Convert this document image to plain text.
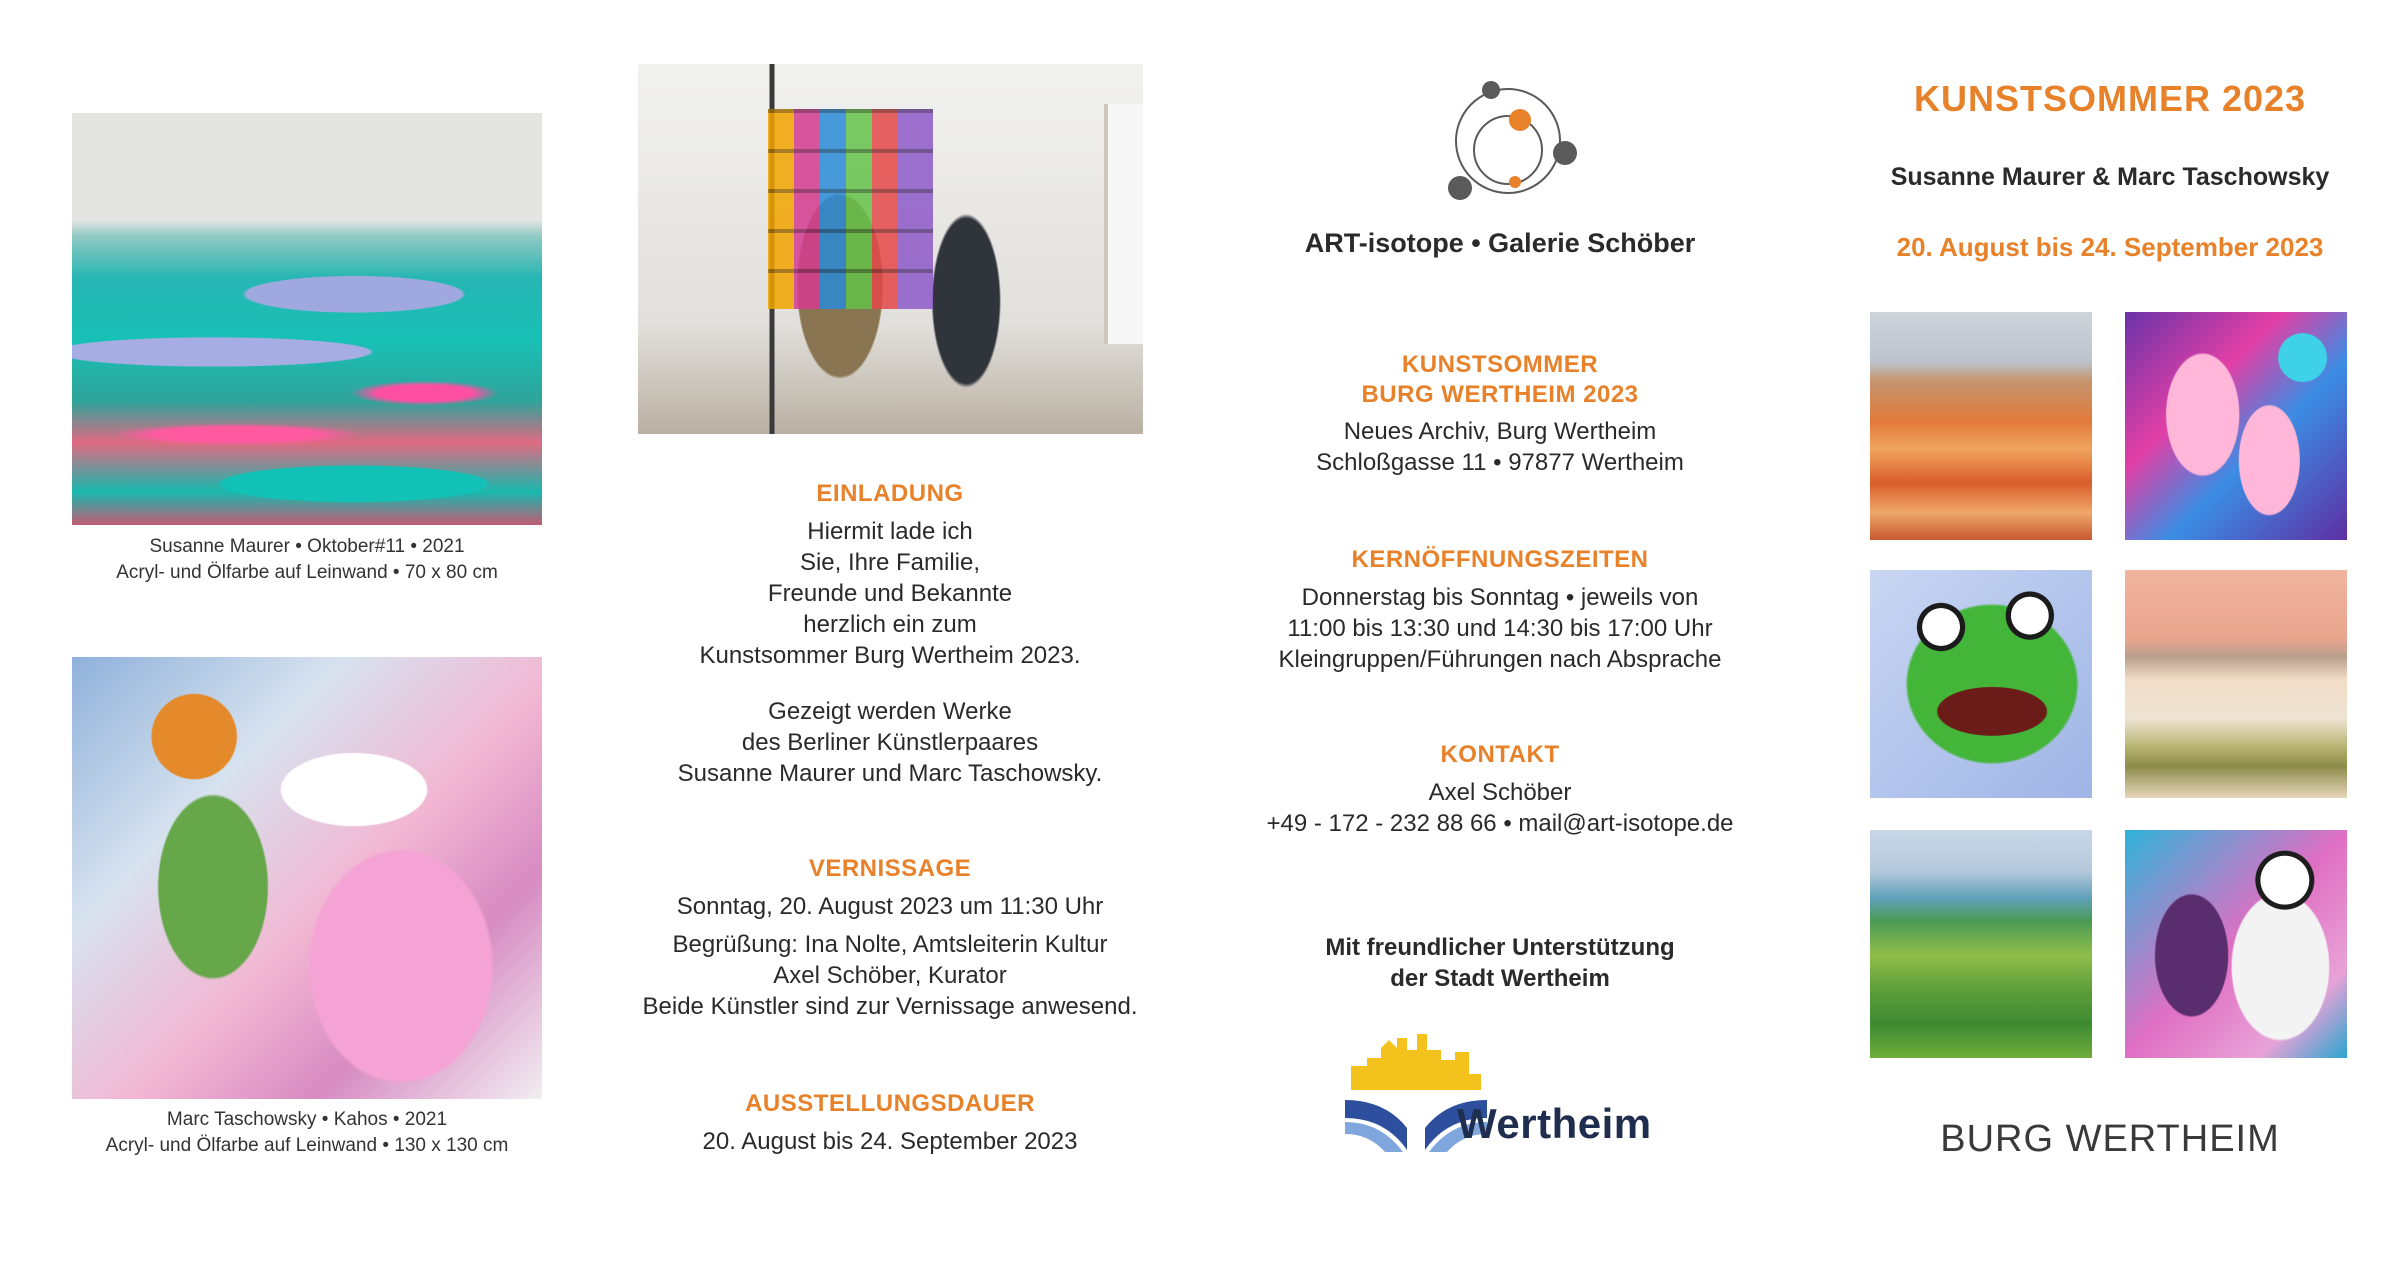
Susanne Maurer • Oktober#11 • 2021
Acryl- und Ölfarbe auf Leinwand • 70 x 80 cm
Marc Taschowsky • Kahos • 2021
Acryl- und Ölfarbe auf Leinwand • 130 x 130 cm
EINLADUNG

Hiermit lade ich

Sie, Ihre Familie,

Freunde und Bekannte

herzlich ein zum

Kunstsommer Burg Wertheim 2023.

Gezeigt werden Werke

des Berliner Künstlerpaares

Susanne Maurer und Marc Taschowsky.

VERNISSAGE
Sonntag, 20. August 2023 um 11:30 Uhr

Begrüßung: Ina Nolte, Amtsleiterin Kultur

Axel Schöber, Kurator

Beide Künstler sind zur Vernissage anwesend.

AUSSTELLUNGSDAUER
20. August bis 24. September 2023
ART-isotope • Galerie Schöber
KUNSTSOMMER
BURG WERTHEIM 2023

Neues Archiv, Burg Wertheim

Schloßgasse 11 • 97877 Wertheim

KERNÖFFNUNGSZEITEN

Donnerstag bis Sonntag • jeweils von

11:00 bis 13:30 und 14:30 bis 17:00 Uhr

Kleingruppen/Führungen nach Absprache

KONTAKT

Axel Schöber

+49 - 172 - 232 88 66 • mail@art-isotope.de

Mit freundlicher Unterstützung
der Stadt Wertheim
Wertheim
KUNSTSOMMER 2023
Susanne Maurer & Marc Taschowsky
20. August bis 24. September 2023
BURG WERTHEIM
